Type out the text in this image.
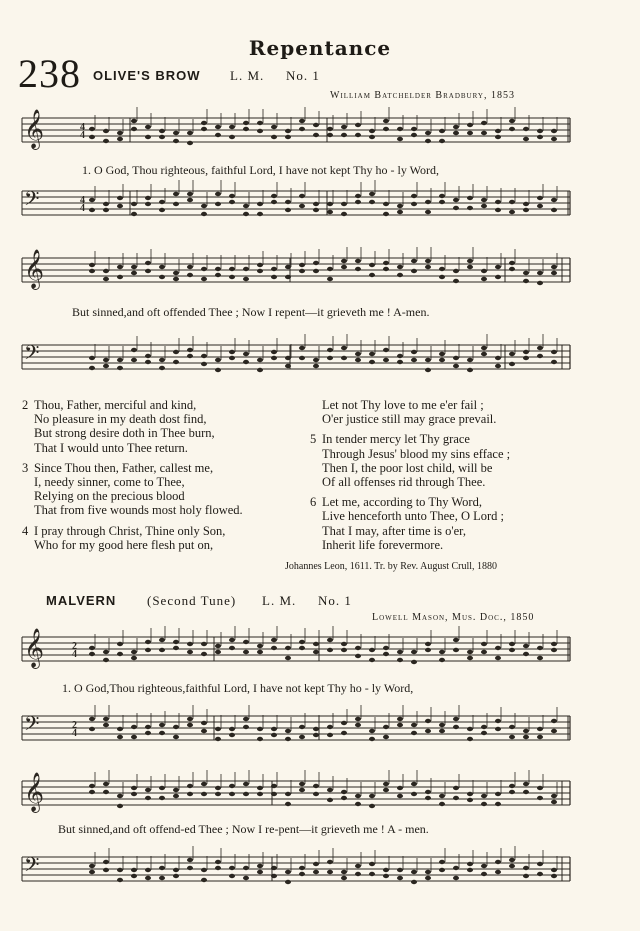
Repentance
238 OLIVE'S BROW L. M. No. 1
William Batchelder Bradbury, 1853
𝄞
𝄢
𝄞
𝄢
𝄞
𝄢
𝄞
𝄢
4
4
4
4
2
4
2
4
1. O God, Thou righteous, faithful Lord, I have not kept Thy ho - ly Word,
But sinned,and oft offended Thee ; Now I repent—it grieveth me ! A-men.
2 Thou, Father, merciful and kind,
No pleasure in my death dost find,
But strong desire doth in Thee burn,
That I would unto Thee return.
3 Since Thou then, Father, callest me,
I, needy sinner, come to Thee,
Relying on the precious blood
That from five wounds most holy flowed.
4 I pray through Christ, Thine only Son,
Who for my good here flesh put on,
Let not Thy love to me e'er fail ;
O'er justice still may grace prevail.
5 In tender mercy let Thy grace
Through Jesus' blood my sins efface ;
Then I, the poor lost child, will be
Of all offenses rid through Thee.
6 Let me, according to Thy Word,
Live henceforth unto Thee, O Lord ;
That I may, after time is o'er,
Inherit life forevermore.
Johannes Leon, 1611. Tr. by Rev. August Crull, 1880
MALVERN (Second Tune) L. M. No. 1
Lowell Mason, Mus. Doc., 1850
1. O God,Thou righteous,faithful Lord, I have not kept Thy ho - ly Word,
But sinned,and oft offend-ed Thee ; Now I re-pent—it grieveth me ! A - men.
